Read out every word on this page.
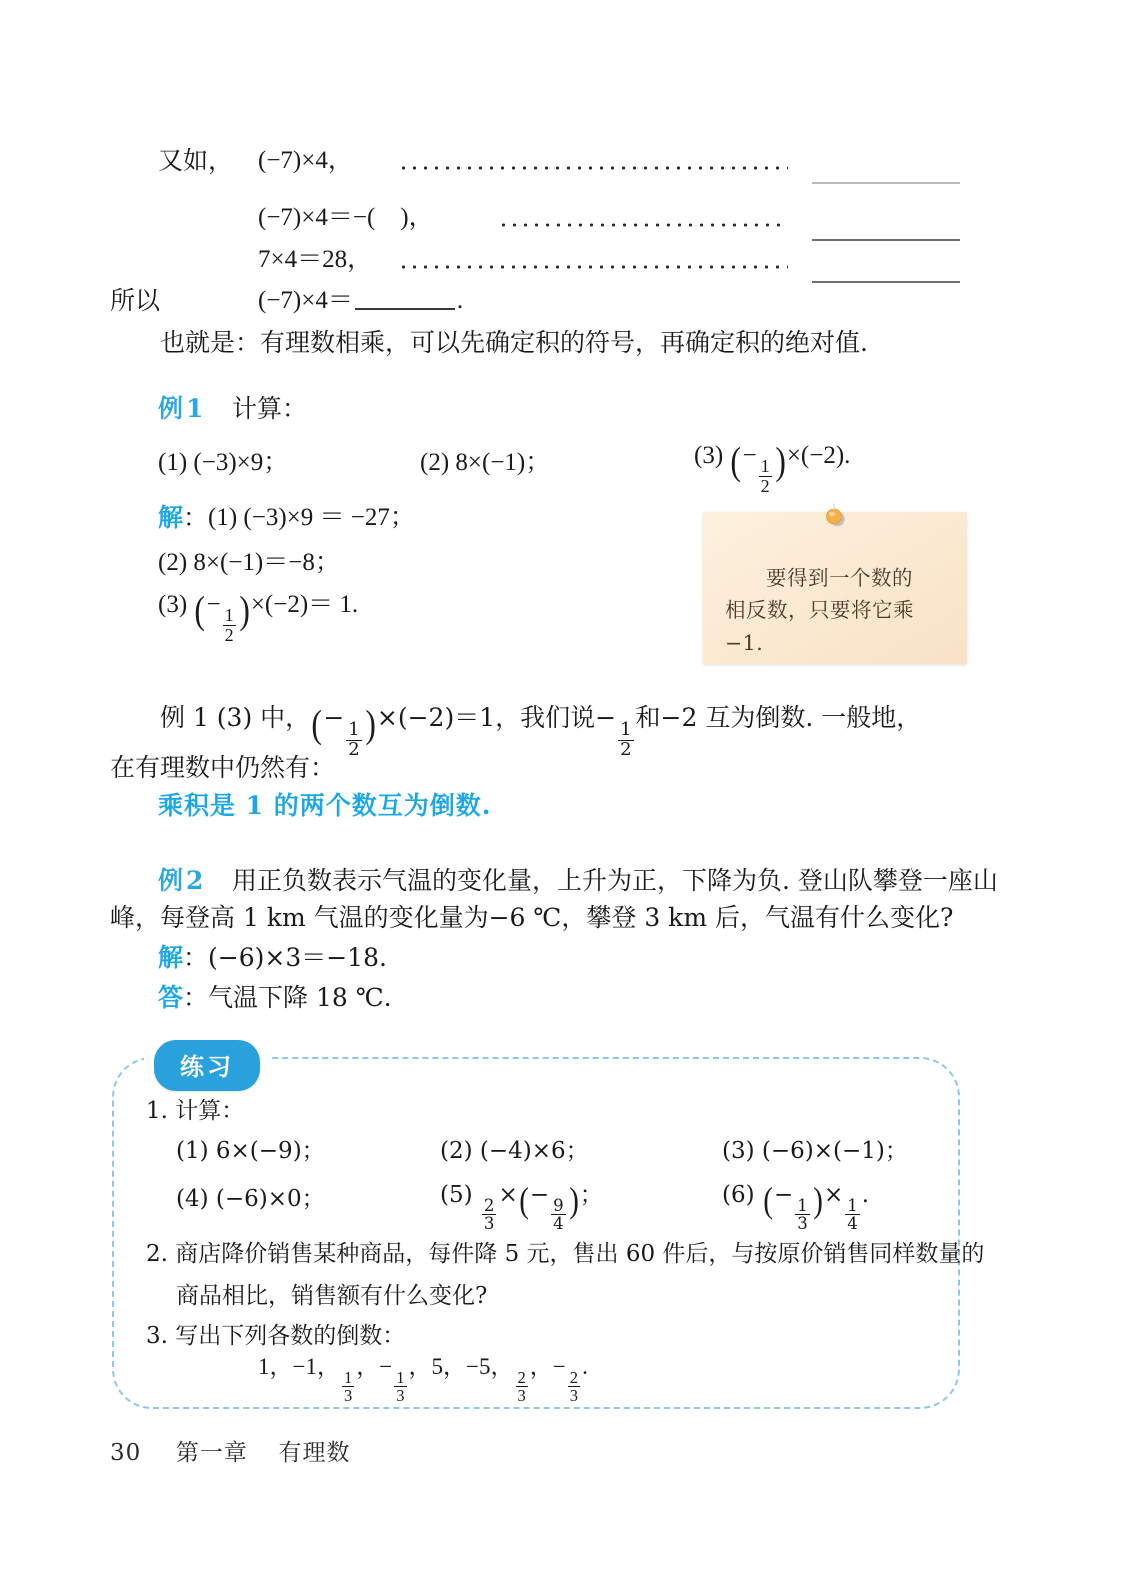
又如， (−7)×4，
(−7)×4＝−(　)，
7×4＝28，
所以	(−7)×4＝	.
也就是：有理数相乘，可以先确定积的符号，再确定积的绝对值.
例 1 计算：
(1) (−3)×9；	(2) 8×(−1)；	(3) (−
$\frac{1}{2} )\times(-2)$.
解： (1) (−3)×9 ＝ −27；
(2) 8×(−1)＝−8；
(3) (−
$\frac{1}{2} )\times(-2)= 1$.
要得到一个数的
相反数，只要将它乘
−1.
例 1 (3) 中，(−
$\frac{1}{2} )\times(-2)=1$，我们说−
$\frac{1}{2}$
和−2 互为倒数. 一般地，
在有理数中仍然有：
乘积是 1 的两个数互为倒数.
例 2 用正负数表示气温的变化量，上升为正，下降为负. 登山队攀登一座山
峰，每登高 1 km 气温的变化量为−6 ℃，攀登 3 km 后，气温有什么变化?
解：(−6)×3＝−18.
答：气温下降 18 ℃.
练习
1. 计算：
(1) 6×(−9)；	(2) (−4)×6；	(3) (−6)×(−1)；
(4) (−6)×0；	(5)
$\frac{2}{3}$
×(−
$\frac{9}{4}$ )；	(6) (−
$\frac{1}{3}$ )×
$\frac{1}{4}$
.
2. 商店降价销售某种商品，每件降 5 元，售出 60 件后，与按原价销售同样数量的
商品相比，销售额有什么变化?
3. 写出下列各数的倒数：
1，−1，
$\frac{1}{3}$
，−
$\frac{1}{3}$
，5，−5，
$\frac{2}{3}$
，−
$\frac{2}{3}$
.
30 第一章 有理数
